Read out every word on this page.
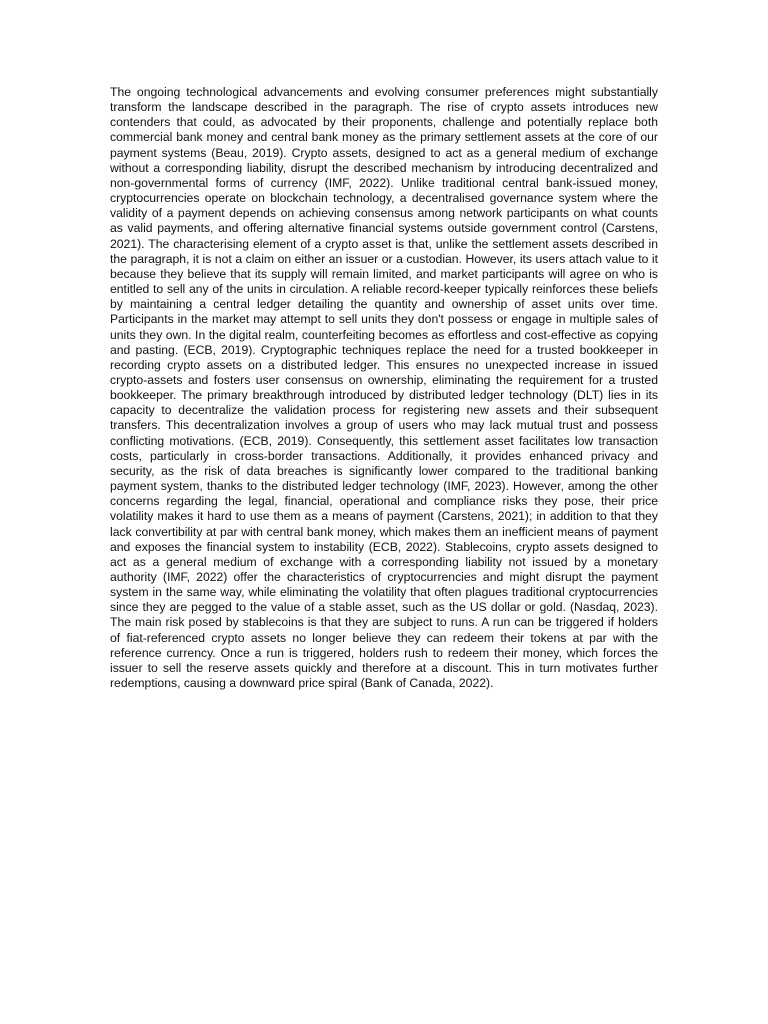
The ongoing technological advancements and evolving consumer preferences might substantially transform the landscape described in the paragraph. The rise of crypto assets introduces new contenders that could, as advocated by their proponents, challenge and potentially replace both commercial bank money and central bank money as the primary settlement assets at the core of our payment systems (Beau, 2019). Crypto assets, designed to act as a general medium of exchange without a corresponding liability, disrupt the described mechanism by introducing decentralized and non-governmental forms of currency (IMF, 2022). Unlike traditional central bank-issued money, cryptocurrencies operate on blockchain technology, a decentralised governance system where the validity of a payment depends on achieving consensus among network participants on what counts as valid payments, and offering alternative financial systems outside government control (Carstens, 2021). The characterising element of a crypto asset is that, unlike the settlement assets described in the paragraph, it is not a claim on either an issuer or a custodian. However, its users attach value to it because they believe that its supply will remain limited, and market participants will agree on who is entitled to sell any of the units in circulation. A reliable record-keeper typically reinforces these beliefs by maintaining a central ledger detailing the quantity and ownership of asset units over time. Participants in the market may attempt to sell units they don't possess or engage in multiple sales of units they own. In the digital realm, counterfeiting becomes as effortless and cost-effective as copying and pasting. (ECB, 2019). Cryptographic techniques replace the need for a trusted bookkeeper in recording crypto assets on a distributed ledger. This ensures no unexpected increase in issued crypto-assets and fosters user consensus on ownership, eliminating the requirement for a trusted bookkeeper. The primary breakthrough introduced by distributed ledger technology (DLT) lies in its capacity to decentralize the validation process for registering new assets and their subsequent transfers. This decentralization involves a group of users who may lack mutual trust and possess conflicting motivations. (ECB, 2019). Consequently, this settlement asset facilitates low transaction costs, particularly in cross-border transactions. Additionally, it provides enhanced privacy and security, as the risk of data breaches is significantly lower compared to the traditional banking payment system, thanks to the distributed ledger technology (IMF, 2023). However, among the other concerns regarding the legal, financial, operational and compliance risks they pose, their price volatility makes it hard to use them as a means of payment (Carstens, 2021); in addition to that they lack convertibility at par with central bank money, which makes them an inefficient means of payment and exposes the financial system to instability (ECB, 2022). Stablecoins, crypto assets designed to act as a general medium of exchange with a corresponding liability not issued by a monetary authority (IMF, 2022) offer the characteristics of cryptocurrencies and might disrupt the payment system in the same way, while eliminating the volatility that often plagues traditional cryptocurrencies since they are pegged to the value of a stable asset, such as the US dollar or gold. (Nasdaq, 2023). The main risk posed by stablecoins is that they are subject to runs. A run can be triggered if holders of fiat-referenced crypto assets no longer believe they can redeem their tokens at par with the reference currency. Once a run is triggered, holders rush to redeem their money, which forces the issuer to sell the reserve assets quickly and therefore at a discount. This in turn motivates further redemptions, causing a downward price spiral (Bank of Canada, 2022).
